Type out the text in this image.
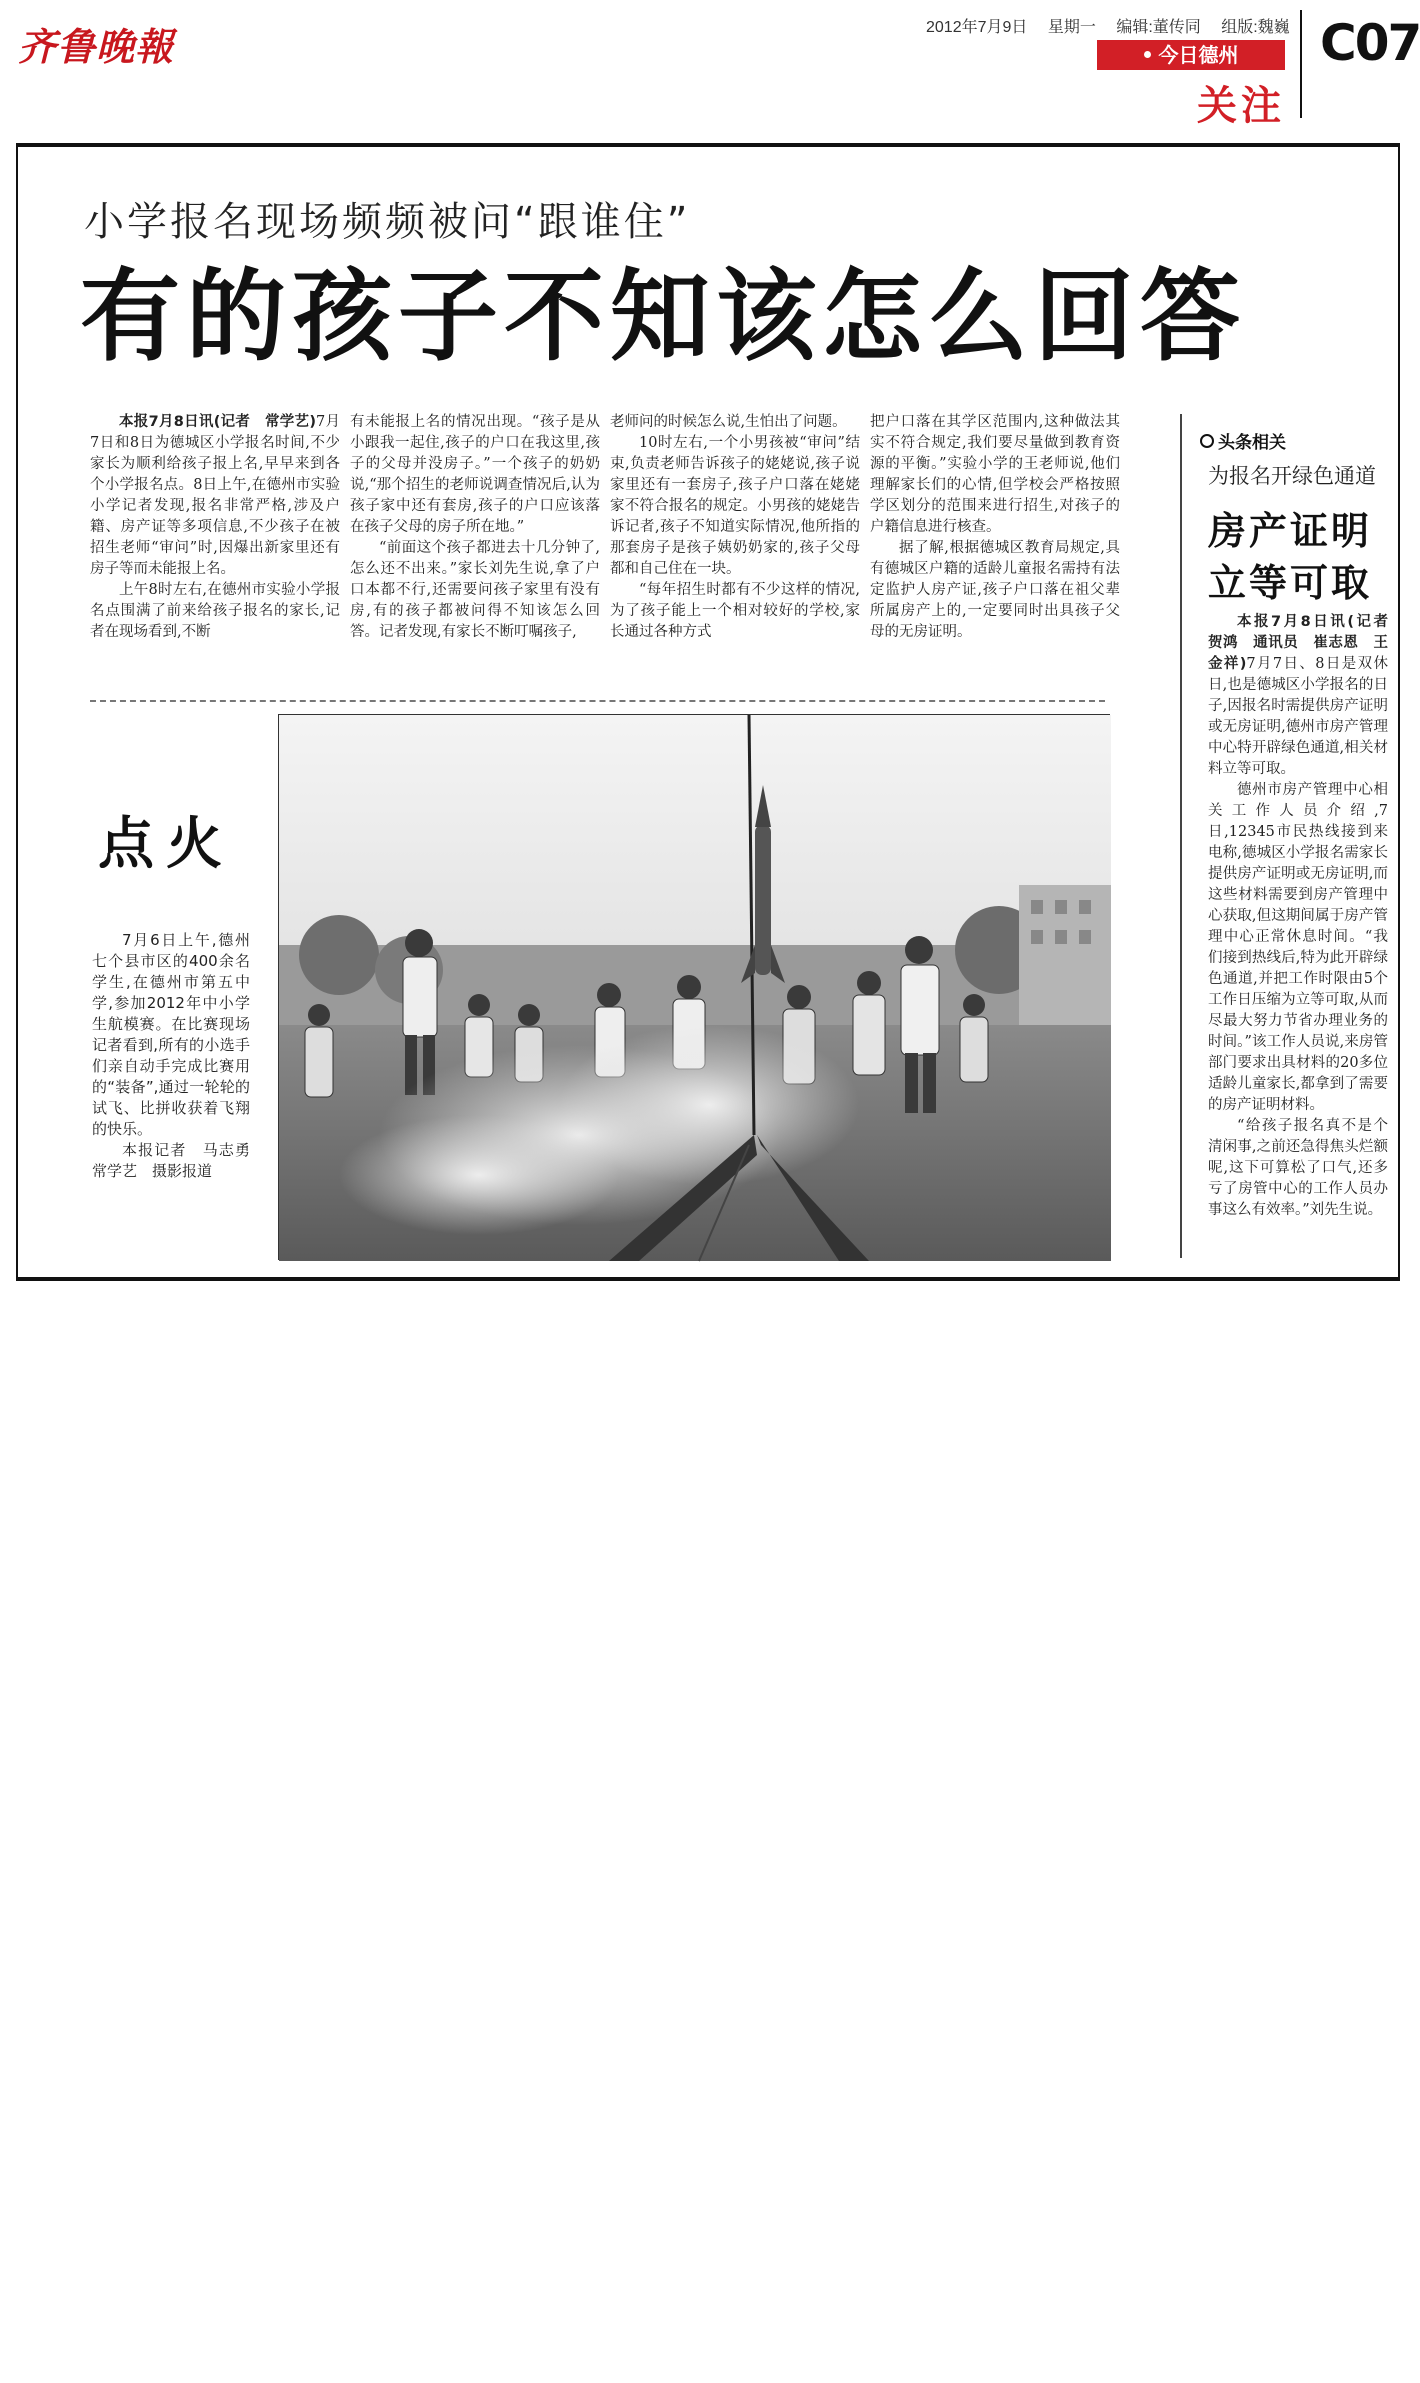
齐鲁晚報	2012年7月9日 星期一 编辑:董传同 组版:魏巍
今日德州
关注
C07
小学报名现场频频被问“跟谁住”
有的孩子不知该怎么回答

本报7月8日讯(记者　常学艺)7月7日和8日为德城区小学报名时间,不少家长为顺利给孩子报上名,早早来到各个小学报名点。8日上午,在德州市实验小学记者发现,报名非常严格,涉及户籍、房产证等多项信息,不少孩子在被招生老师“审问”时,因爆出新家里还有房子等而未能报上名。

上午8时左右,在德州市实验小学报名点围满了前来给孩子报名的家长,记者在现场看到,不断

有未能报上名的情况出现。“孩子是从小跟我一起住,孩子的户口在我这里,孩子的父母并没房子。”一个孩子的奶奶说,“那个招生的老师说调查情况后,认为孩子家中还有套房,孩子的户口应该落在孩子父母的房子所在地。”

“前面这个孩子都进去十几分钟了,怎么还不出来。”家长刘先生说,拿了户口本都不行,还需要问孩子家里有没有房,有的孩子都被问得不知该怎么回答。记者发现,有家长不断叮嘱孩子,

老师问的时候怎么说,生怕出了问题。

10时左右,一个小男孩被“审问”结束,负责老师告诉孩子的姥姥说,孩子说家里还有一套房子,孩子户口落在姥姥家不符合报名的规定。小男孩的姥姥告诉记者,孩子不知道实际情况,他所指的那套房子是孩子姨奶奶家的,孩子父母都和自己住在一块。

“每年招生时都有不少这样的情况,为了孩子能上一个相对较好的学校,家长通过各种方式

把户口落在其学区范围内,这种做法其实不符合规定,我们要尽量做到教育资源的平衡。”实验小学的王老师说,他们理解家长们的心情,但学校会严格按照学区划分的范围来进行招生,对孩子的户籍信息进行核查。

据了解,根据德城区教育局规定,具有德城区户籍的适龄儿童报名需持有法定监护人房产证,孩子户口落在祖父辈所属房产上的,一定要同时出具孩子父母的无房证明。

头条相关
为报名开绿色通道
房产证明
立等可取

本报7月8日讯(记者　贺鸿　通讯员　崔志恩　王金祥)7月7日、8日是双休日,也是德城区小学报名的日子,因报名时需提供房产证明或无房证明,德州市房产管理中心特开辟绿色通道,相关材料立等可取。

德州市房产管理中心相关工作人员介绍,7日,12345市民热线接到来电称,德城区小学报名需家长提供房产证明或无房证明,而这些材料需要到房产管理中心获取,但这期间属于房产管理中心正常休息时间。“我们接到热线后,特为此开辟绿色通道,并把工作时限由5个工作日压缩为立等可取,从而尽最大努力节省办理业务的时间。”该工作人员说,来房管部门要求出具材料的20多位适龄儿童家长,都拿到了需要的房产证明材料。

“给孩子报名真不是个清闲事,之前还急得焦头烂额呢,这下可算松了口气,还多亏了房管中心的工作人员办事这么有效率。”刘先生说。

点火

7月6日上午,德州七个县市区的400余名学生,在德州市第五中学,参加2012年中小学生航模赛。在比赛现场记者看到,所有的小选手们亲自动手完成比赛用的“装备”,通过一轮轮的试飞、比拼收获着飞翔的快乐。

本报记者　马志勇　常学艺　摄影报道
